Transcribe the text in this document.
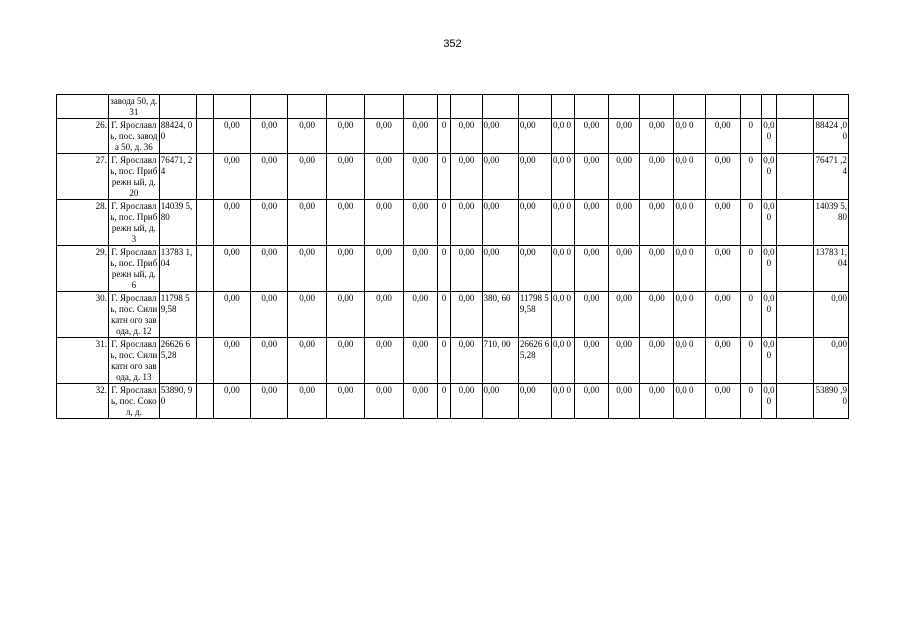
352
	завода 50, д. 31																						
26.	Г. Ярославл ь, пос. завода 50, д. 36	88424, 00		0,00	0,00	0,00	0,00	0,00	0,00	0	0,00	0,00	0,00	0,0 0	0,00	0,00	0,00	0,0 0	0,00	0	0,00		88424 ,00
27.	Г. Ярославл ь, пос. Прибрежн ый, д. 20	76471, 24		0,00	0,00	0,00	0,00	0,00	0,00	0	0,00	0,00	0,00	0,0 0	0,00	0,00	0,00	0,0 0	0,00	0	0,00		76471 ,24
28.	Г. Ярославл ь, пос. Прибрежн ый, д. 3	14039 5,80		0,00	0,00	0,00	0,00	0,00	0,00	0	0,00	0,00	0,00	0,0 0	0,00	0,00	0,00	0,0 0	0,00	0	0,00		14039 5,80
29.	Г. Ярославл ь, пос. Прибрежн ый, д. 6	13783 1,04		0,00	0,00	0,00	0,00	0,00	0,00	0	0,00	0,00	0,00	0,0 0	0,00	0,00	0,00	0,0 0	0,00	0	0,00		13783 1,04
30.	Г. Ярославл ь, пос. Силикатн ого завода, д. 12	11798 59,58		0,00	0,00	0,00	0,00	0,00	0,00	0	0,00	380, 60	11798 59,58	0,0 0	0,00	0,00	0,00	0,0 0	0,00	0	0,00		0,00
31.	Г. Ярославл ь, пос. Силикатн ого завода, д. 13	26626 65,28		0,00	0,00	0,00	0,00	0,00	0,00	0	0,00	710, 00	26626 65,28	0,0 0	0,00	0,00	0,00	0,0 0	0,00	0	0,00		0,00
32.	Г. Ярославл ь, пос. Сокол, д.	53890, 90		0,00	0,00	0,00	0,00	0,00	0,00	0	0,00	0,00	0,00	0,0 0	0,00	0,00	0,00	0,0 0	0,00	0	0,00		53890 ,90
